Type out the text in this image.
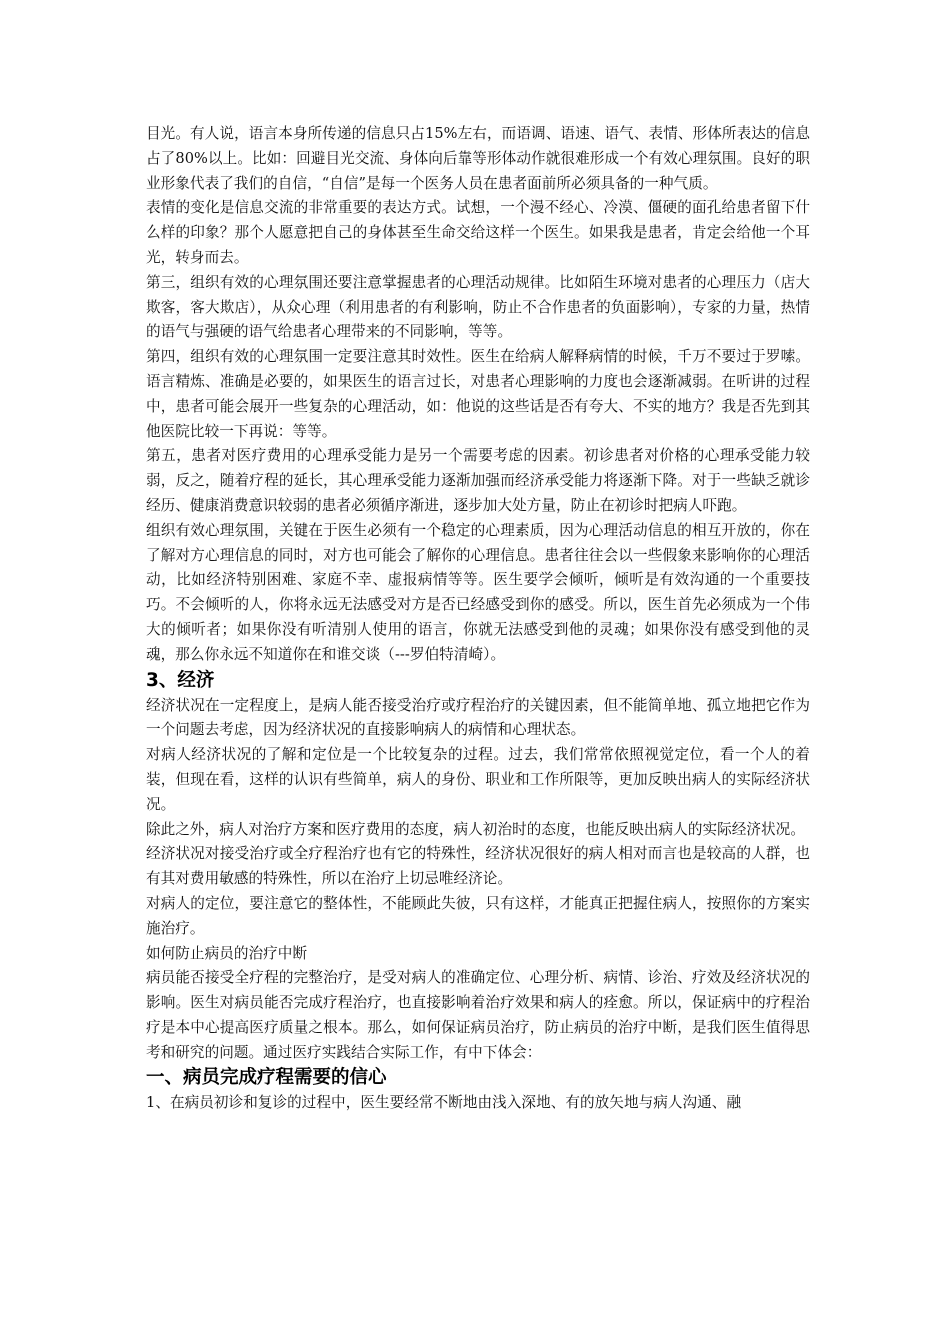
目光。有人说，语言本身所传递的信息只占15%左右，而语调、语速、语气、表情、形体所表达的信息占了80%以上。比如：回避目光交流、身体向后靠等形体动作就很难形成一个有效心理氛围。良好的职业形象代表了我们的自信，“自信”是每一个医务人员在患者面前所必须具备的一种气质。

表情的变化是信息交流的非常重要的表达方式。试想，一个漫不经心、冷漠、僵硬的面孔给患者留下什么样的印象？那个人愿意把自己的身体甚至生命交给这样一个医生。如果我是患者，肯定会给他一个耳光，转身而去。

第三，组织有效的心理氛围还要注意掌握患者的心理活动规律。比如陌生环境对患者的心理压力（店大欺客，客大欺店），从众心理（利用患者的有利影响，防止不合作患者的负面影响），专家的力量，热情的语气与强硬的语气给患者心理带来的不同影响，等等。

第四，组织有效的心理氛围一定要注意其时效性。医生在给病人解释病情的时候，千万不要过于罗嗦。语言精炼、准确是必要的，如果医生的语言过长，对患者心理影响的力度也会逐渐减弱。在听讲的过程中，患者可能会展开一些复杂的心理活动，如：他说的这些话是否有夸大、不实的地方？我是否先到其他医院比较一下再说：等等。

第五，患者对医疗费用的心理承受能力是另一个需要考虑的因素。初诊患者对价格的心理承受能力较弱，反之，随着疗程的延长，其心理承受能力逐渐加强而经济承受能力将逐渐下降。对于一些缺乏就诊经历、健康消费意识较弱的患者必须循序渐进，逐步加大处方量，防止在初诊时把病人吓跑。

组织有效心理氛围，关键在于医生必须有一个稳定的心理素质，因为心理活动信息的相互开放的，你在了解对方心理信息的同时，对方也可能会了解你的心理信息。患者往往会以一些假象来影响你的心理活动，比如经济特别困难、家庭不幸、虚报病情等等。医生要学会倾听，倾听是有效沟通的一个重要技巧。不会倾听的人，你将永远无法感受对方是否已经感受到你的感受。所以，医生首先必须成为一个伟大的倾听者；如果你没有听清别人使用的语言，你就无法感受到他的灵魂；如果你没有感受到他的灵魂，那么你永远不知道你在和谁交谈（---罗伯特清崎）。

3、经济

经济状况在一定程度上，是病人能否接受治疗或疗程治疗的关键因素，但不能简单地、孤立地把它作为一个问题去考虑，因为经济状况的直接影响病人的病情和心理状态。

对病人经济状况的了解和定位是一个比较复杂的过程。过去，我们常常依照视觉定位，看一个人的着装，但现在看，这样的认识有些简单，病人的身份、职业和工作所限等，更加反映出病人的实际经济状况。

除此之外，病人对治疗方案和医疗费用的态度，病人初治时的态度，也能反映出病人的实际经济状况。

经济状况对接受治疗或全疗程治疗也有它的特殊性，经济状况很好的病人相对而言也是较高的人群，也有其对费用敏感的特殊性，所以在治疗上切忌唯经济论。

对病人的定位，要注意它的整体性，不能顾此失彼，只有这样，才能真正把握住病人，按照你的方案实施治疗。

如何防止病员的治疗中断

病员能否接受全疗程的完整治疗，是受对病人的准确定位、心理分析、病情、诊治、疗效及经济状况的影响。医生对病员能否完成疗程治疗，也直接影响着治疗效果和病人的痊愈。所以，保证病中的疗程治疗是本中心提高医疗质量之根本。那么，如何保证病员治疗，防止病员的治疗中断，是我们医生值得思考和研究的问题。通过医疗实践结合实际工作，有中下体会：

一、病员完成疗程需要的信心

1、在病员初诊和复诊的过程中，医生要经常不断地由浅入深地、有的放矢地与病人沟通、融
